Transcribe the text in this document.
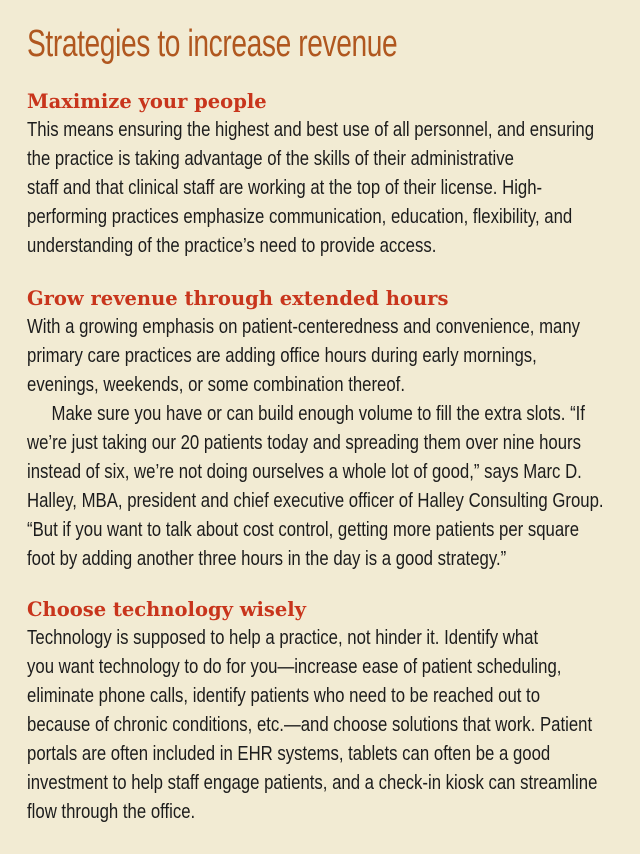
Strategies to increase revenue
Maximize your people

This means ensuring the highest and best use of all personnel, and ensuring
the practice is taking advantage of the skills of their administrative
staff and that clinical staff are working at the top of their license. High-
performing practices emphasize communication, education, flexibility, and
understanding of the practice’s need to provide access.

Grow revenue through extended hours

With a growing emphasis on patient-centeredness and convenience, many
primary care practices are adding office hours during early mornings,
evenings, weekends, or some combination thereof.

Make sure you have or can build enough volume to fill the extra slots. “If
we’re just taking our 20 patients today and spreading them over nine hours
instead of six, we’re not doing ourselves a whole lot of good,” says Marc D.
Halley, MBA, president and chief executive officer of Halley Consulting Group.
“But if you want to talk about cost control, getting more patients per square
foot by adding another three hours in the day is a good strategy.”

Choose technology wisely

Technology is supposed to help a practice, not hinder it. Identify what
you want technology to do for you—increase ease of patient scheduling,
eliminate phone calls, identify patients who need to be reached out to
because of chronic conditions, etc.—and choose solutions that work. Patient
portals are often included in EHR systems, tablets can often be a good
investment to help staff engage patients, and a check-in kiosk can streamline
flow through the office.
